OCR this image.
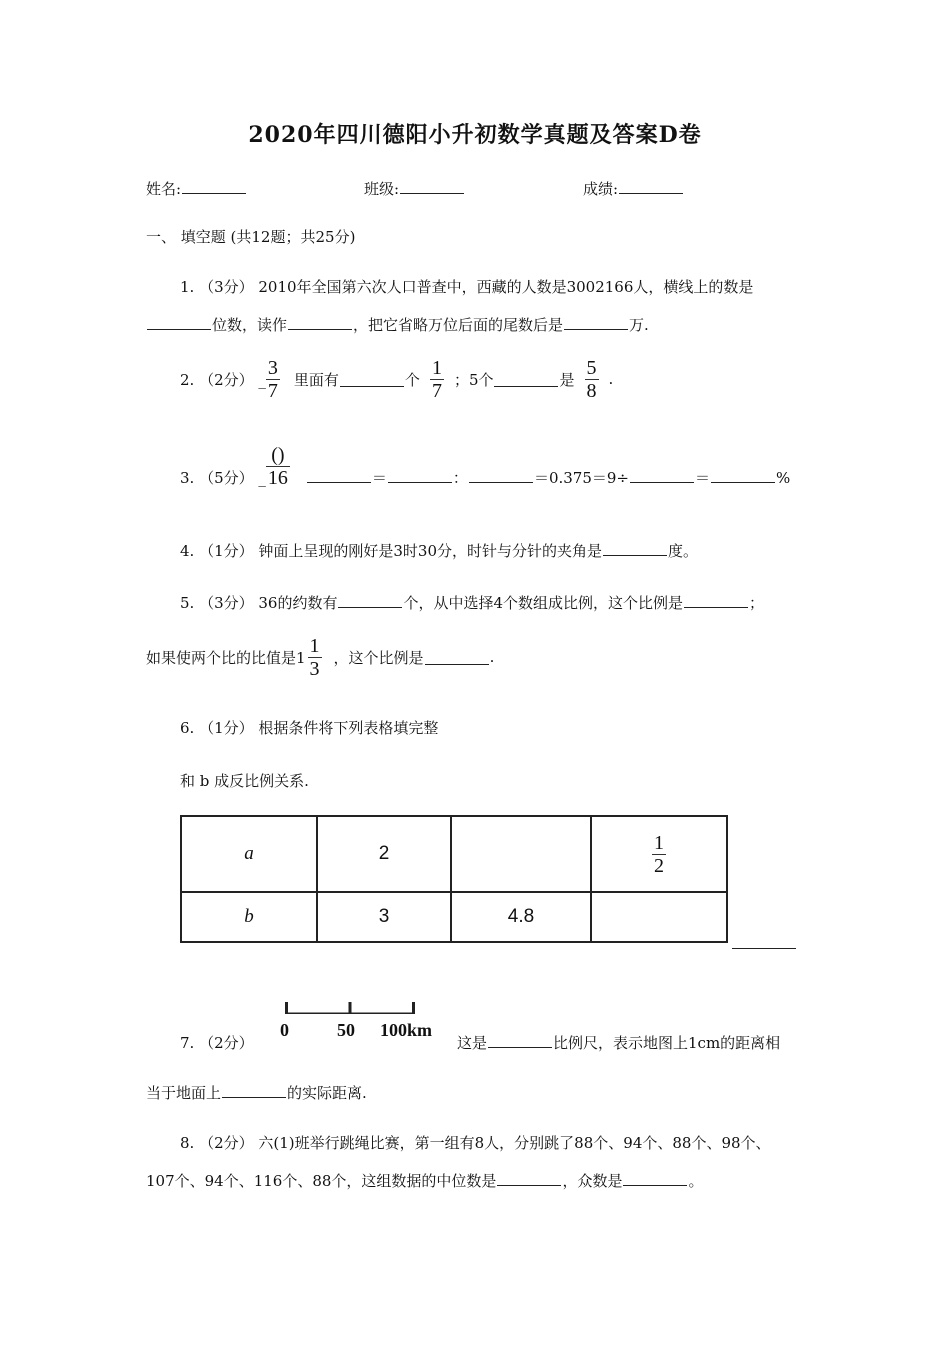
2020年四川德阳小升初数学真题及答案D卷
姓名:	班级:	成绩:
一、 填空题 (共12题；共25分)
1. （3分） 2010年全国第六次人口普查中，西藏的人数是3002166人，横线上的数是
位数，读作	，把它省略万位后面的尾数后是	万.
2. （2分） _ $\frac{3}{7}$ 里面有	个 $\frac{1}{7}$ ；5个	是 $\frac{5}{8}$ .
3. （5分） _ $\frac{()}{16}$	＝	：	＝0.375＝9÷	＝	%
4. （1分） 钟面上呈现的刚好是3时30分，时针与分针的夹角是	度。
5. （3分） 36的约数有	个，从中选择4个数组成比例，这个比例是	；
如果使两个比的比值是$1 \frac{1}{3}$ ，这个比例是	.
6. （1分） 根据条件将下列表格填完整
和 b 成反比例关系.
a	2		$\frac{1}{2}$

b	3	4.8	
0	50 100km
7. （2分）	这是	比例尺，表示地图上1cm的距离相
当于地面上	的实际距离.
8. （2分） 六(1)班举行跳绳比赛，第一组有8人，分别跳了88个、94个、88个、98个、
107个、94个、116个、88个，这组数据的中位数是	，众数是	。
